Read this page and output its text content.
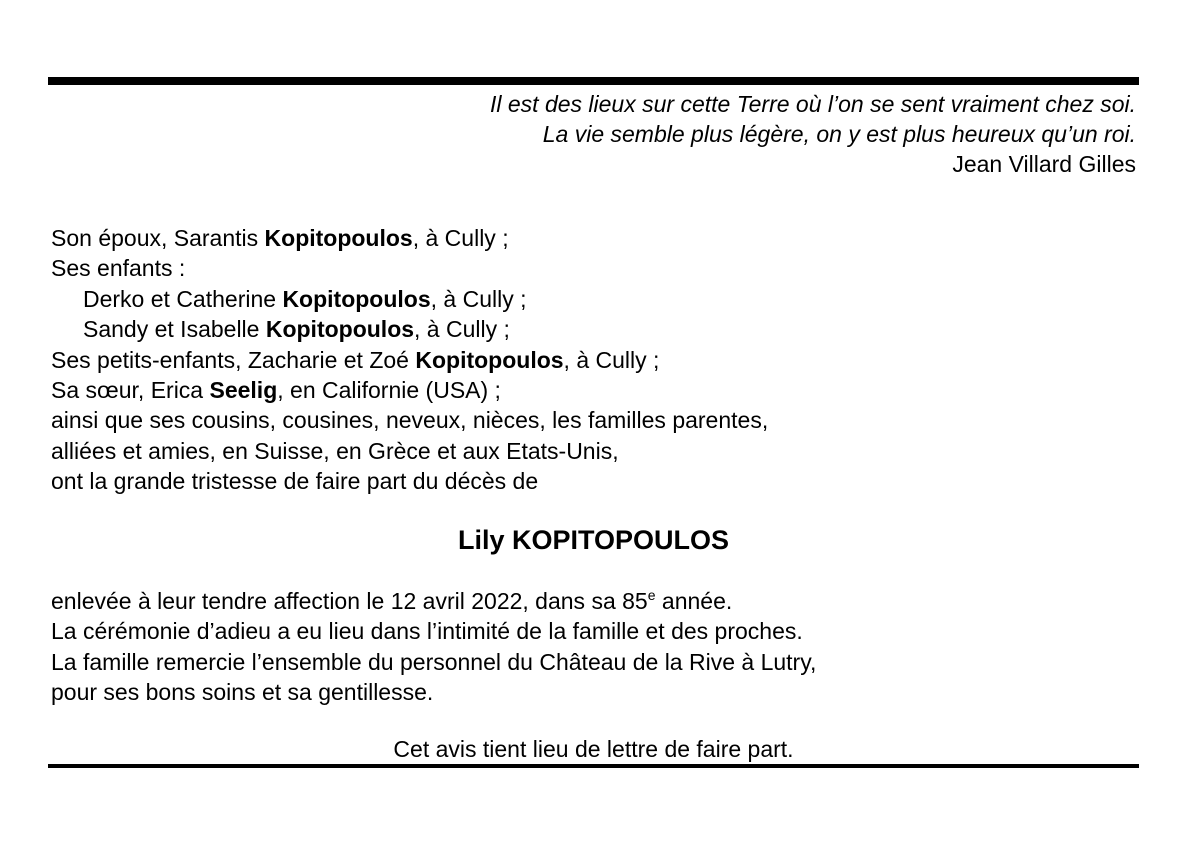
Il est des lieux sur cette Terre où l’on se sent vraiment chez soi.
La vie semble plus légère, on y est plus heureux qu’un roi.
Jean Villard Gilles
Son époux, Sarantis Kopitopoulos, à Cully ;
Ses enfants :
Derko et Catherine Kopitopoulos, à Cully ;
Sandy et Isabelle Kopitopoulos, à Cully ;
Ses petits-enfants, Zacharie et Zoé Kopitopoulos, à Cully ;
Sa sœur, Erica Seelig, en Californie (USA) ;
ainsi que ses cousins, cousines, neveux, nièces, les familles parentes,
alliées et amies, en Suisse, en Grèce et aux Etats-Unis,
ont la grande tristesse de faire part du décès de
Lily KOPITOPOULOS
enlevée à leur tendre affection le 12 avril 2022, dans sa 85e année.
La cérémonie d’adieu a eu lieu dans l’intimité de la famille et des proches.
La famille remercie l’ensemble du personnel du Château de la Rive à Lutry,
pour ses bons soins et sa gentillesse.
Cet avis tient lieu de lettre de faire part.
